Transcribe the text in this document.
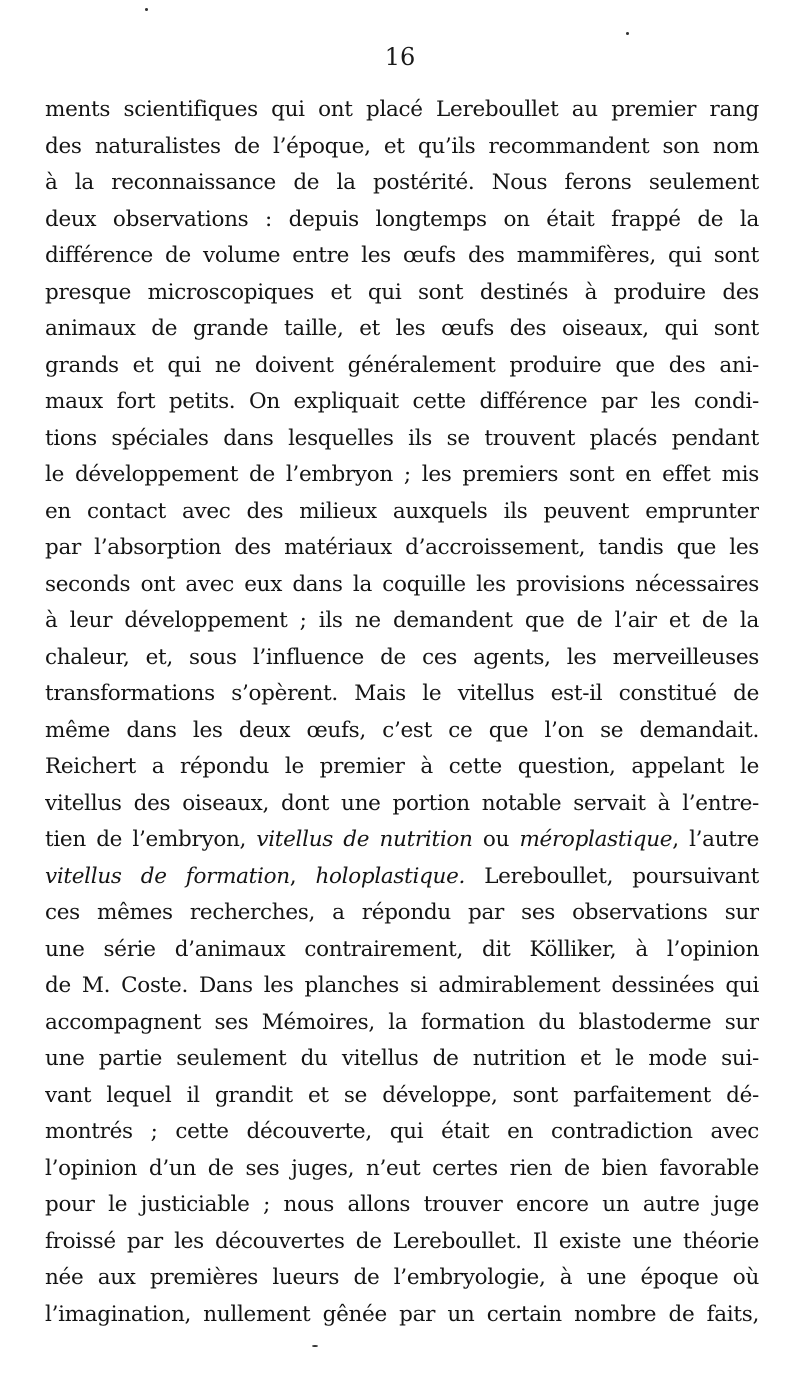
16
ments scientifiques qui ont placé Lereboullet au premier rang
des naturalistes de l’époque, et qu’ils recommandent son nom
à la reconnaissance de la postérité. Nous ferons seulement
deux observations : depuis longtemps on était frappé de la
différence de volume entre les œufs des mammifères, qui sont
presque microscopiques et qui sont destinés à produire des
animaux de grande taille, et les œufs des oiseaux, qui sont
grands et qui ne doivent généralement produire que des ani-
maux fort petits. On expliquait cette différence par les condi-
tions spéciales dans lesquelles ils se trouvent placés pendant
le développement de l’embryon ; les premiers sont en effet mis
en contact avec des milieux auxquels ils peuvent emprunter
par l’absorption des matériaux d’accroissement, tandis que les
seconds ont avec eux dans la coquille les provisions nécessaires
à leur développement ; ils ne demandent que de l’air et de la
chaleur, et, sous l’influence de ces agents, les merveilleuses
transformations s’opèrent. Mais le vitellus est-il constitué de
même dans les deux œufs, c’est ce que l’on se demandait.
Reichert a répondu le premier à cette question, appelant le
vitellus des oiseaux, dont une portion notable servait à l’entre-
tien de l’embryon, vitellus de nutrition ou méroplastique, l’autre
vitellus de formation, holoplastique. Lereboullet, poursuivant
ces mêmes recherches, a répondu par ses observations sur
une série d’animaux contrairement, dit Kölliker, à l’opinion
de M. Coste. Dans les planches si admirablement dessinées qui
accompagnent ses Mémoires, la formation du blastoderme sur
une partie seulement du vitellus de nutrition et le mode sui-
vant lequel il grandit et se développe, sont parfaitement dé-
montrés ; cette découverte, qui était en contradiction avec
l’opinion d’un de ses juges, n’eut certes rien de bien favorable
pour le justiciable ; nous allons trouver encore un autre juge
froissé par les découvertes de Lereboullet. Il existe une théorie
née aux premières lueurs de l’embryologie, à une époque où
l’imagination, nullement gênée par un certain nombre de faits,
